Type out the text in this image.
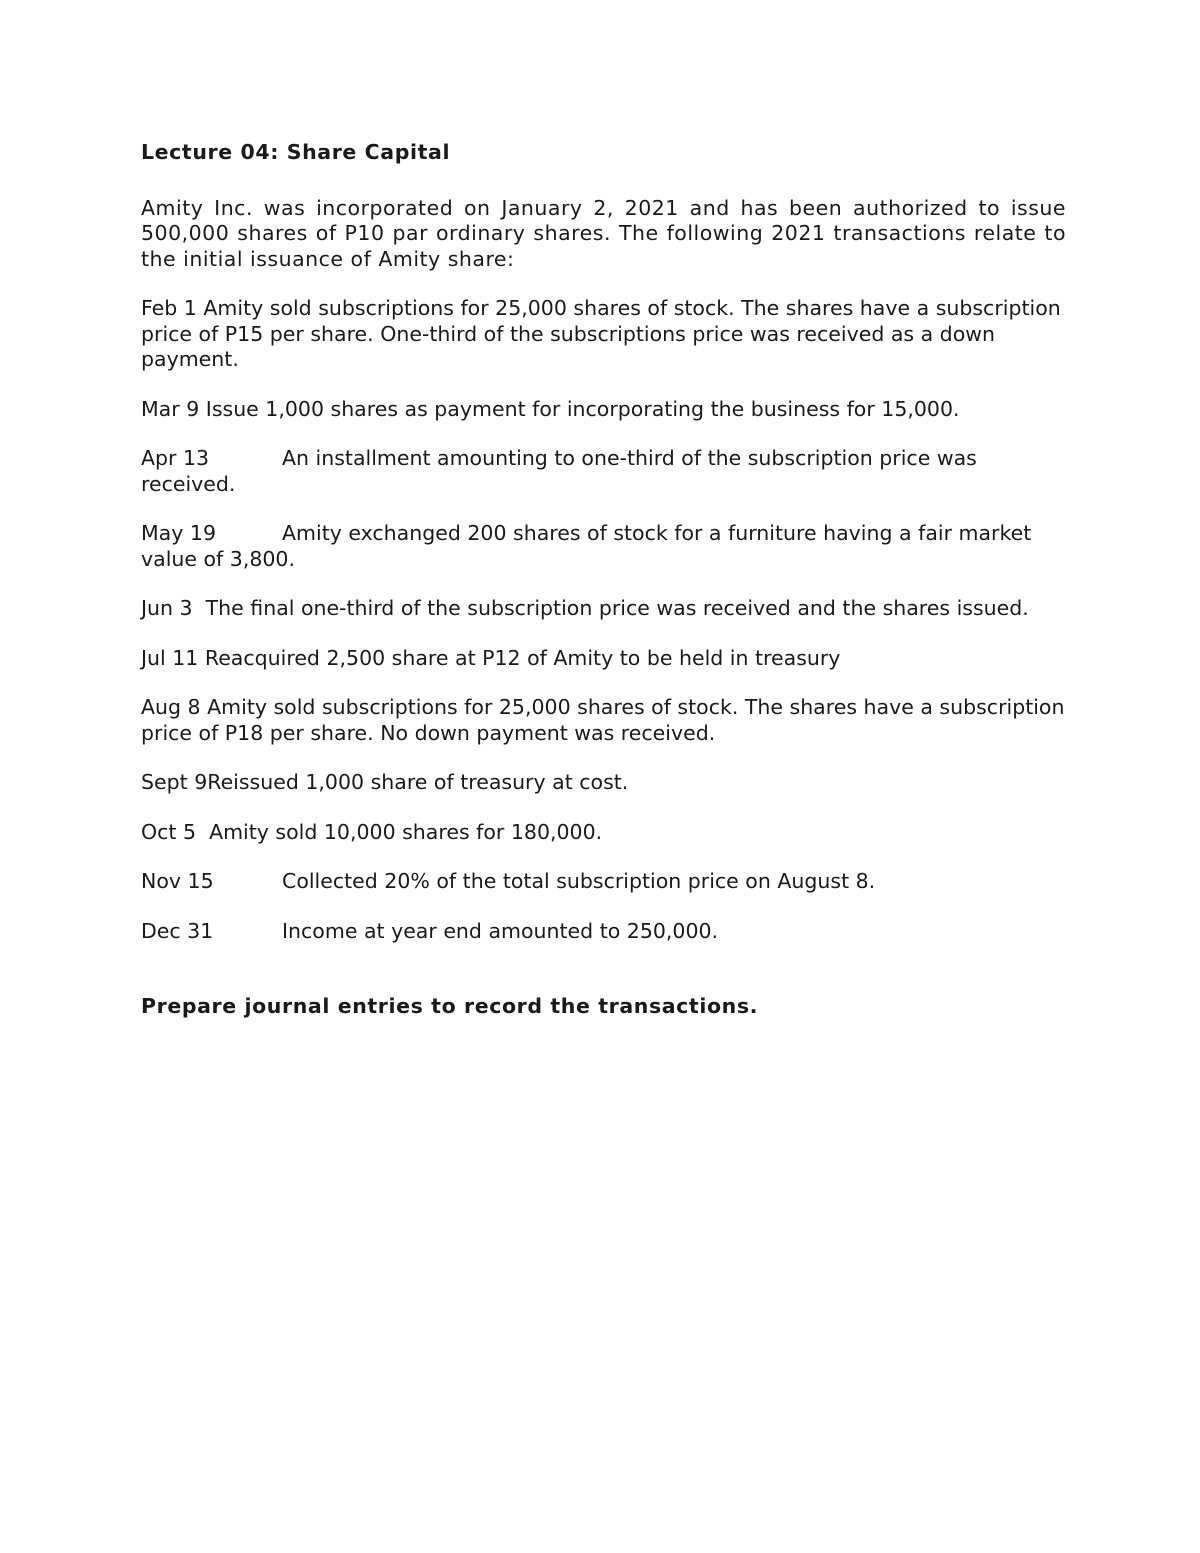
Lecture 04: Share Capital

Amity Inc. was incorporated on January 2, 2021 and has been authorized to issue 500,000 shares of P10 par ordinary shares. The following 2021 transactions relate to the initial issuance of Amity share:

Feb 1 Amity sold subscriptions for 25,000 shares of stock. The shares have a subscription price of P15 per share. One-third of the subscriptions price was received as a down payment.

Mar 9 Issue 1,000 shares as payment for incorporating the business for 15,000.

Apr 13	An installment amounting to one-third of the subscription price was received.

May 19	Amity exchanged 200 shares of stock for a furniture having a fair market value of 3,800.

Jun 3 The final one-third of the subscription price was received and the shares issued.

Jul 11 Reacquired 2,500 share at P12 of Amity to be held in treasury

Aug 8 Amity sold subscriptions for 25,000 shares of stock. The shares have a subscription price of P18 per share. No down payment was received.

Sept 9Reissued 1,000 share of treasury at cost.

Oct 5 Amity sold 10,000 shares for 180,000.

Nov 15	Collected 20% of the total subscription price on August 8.

Dec 31	Income at year end amounted to 250,000.

Prepare journal entries to record the transactions.
